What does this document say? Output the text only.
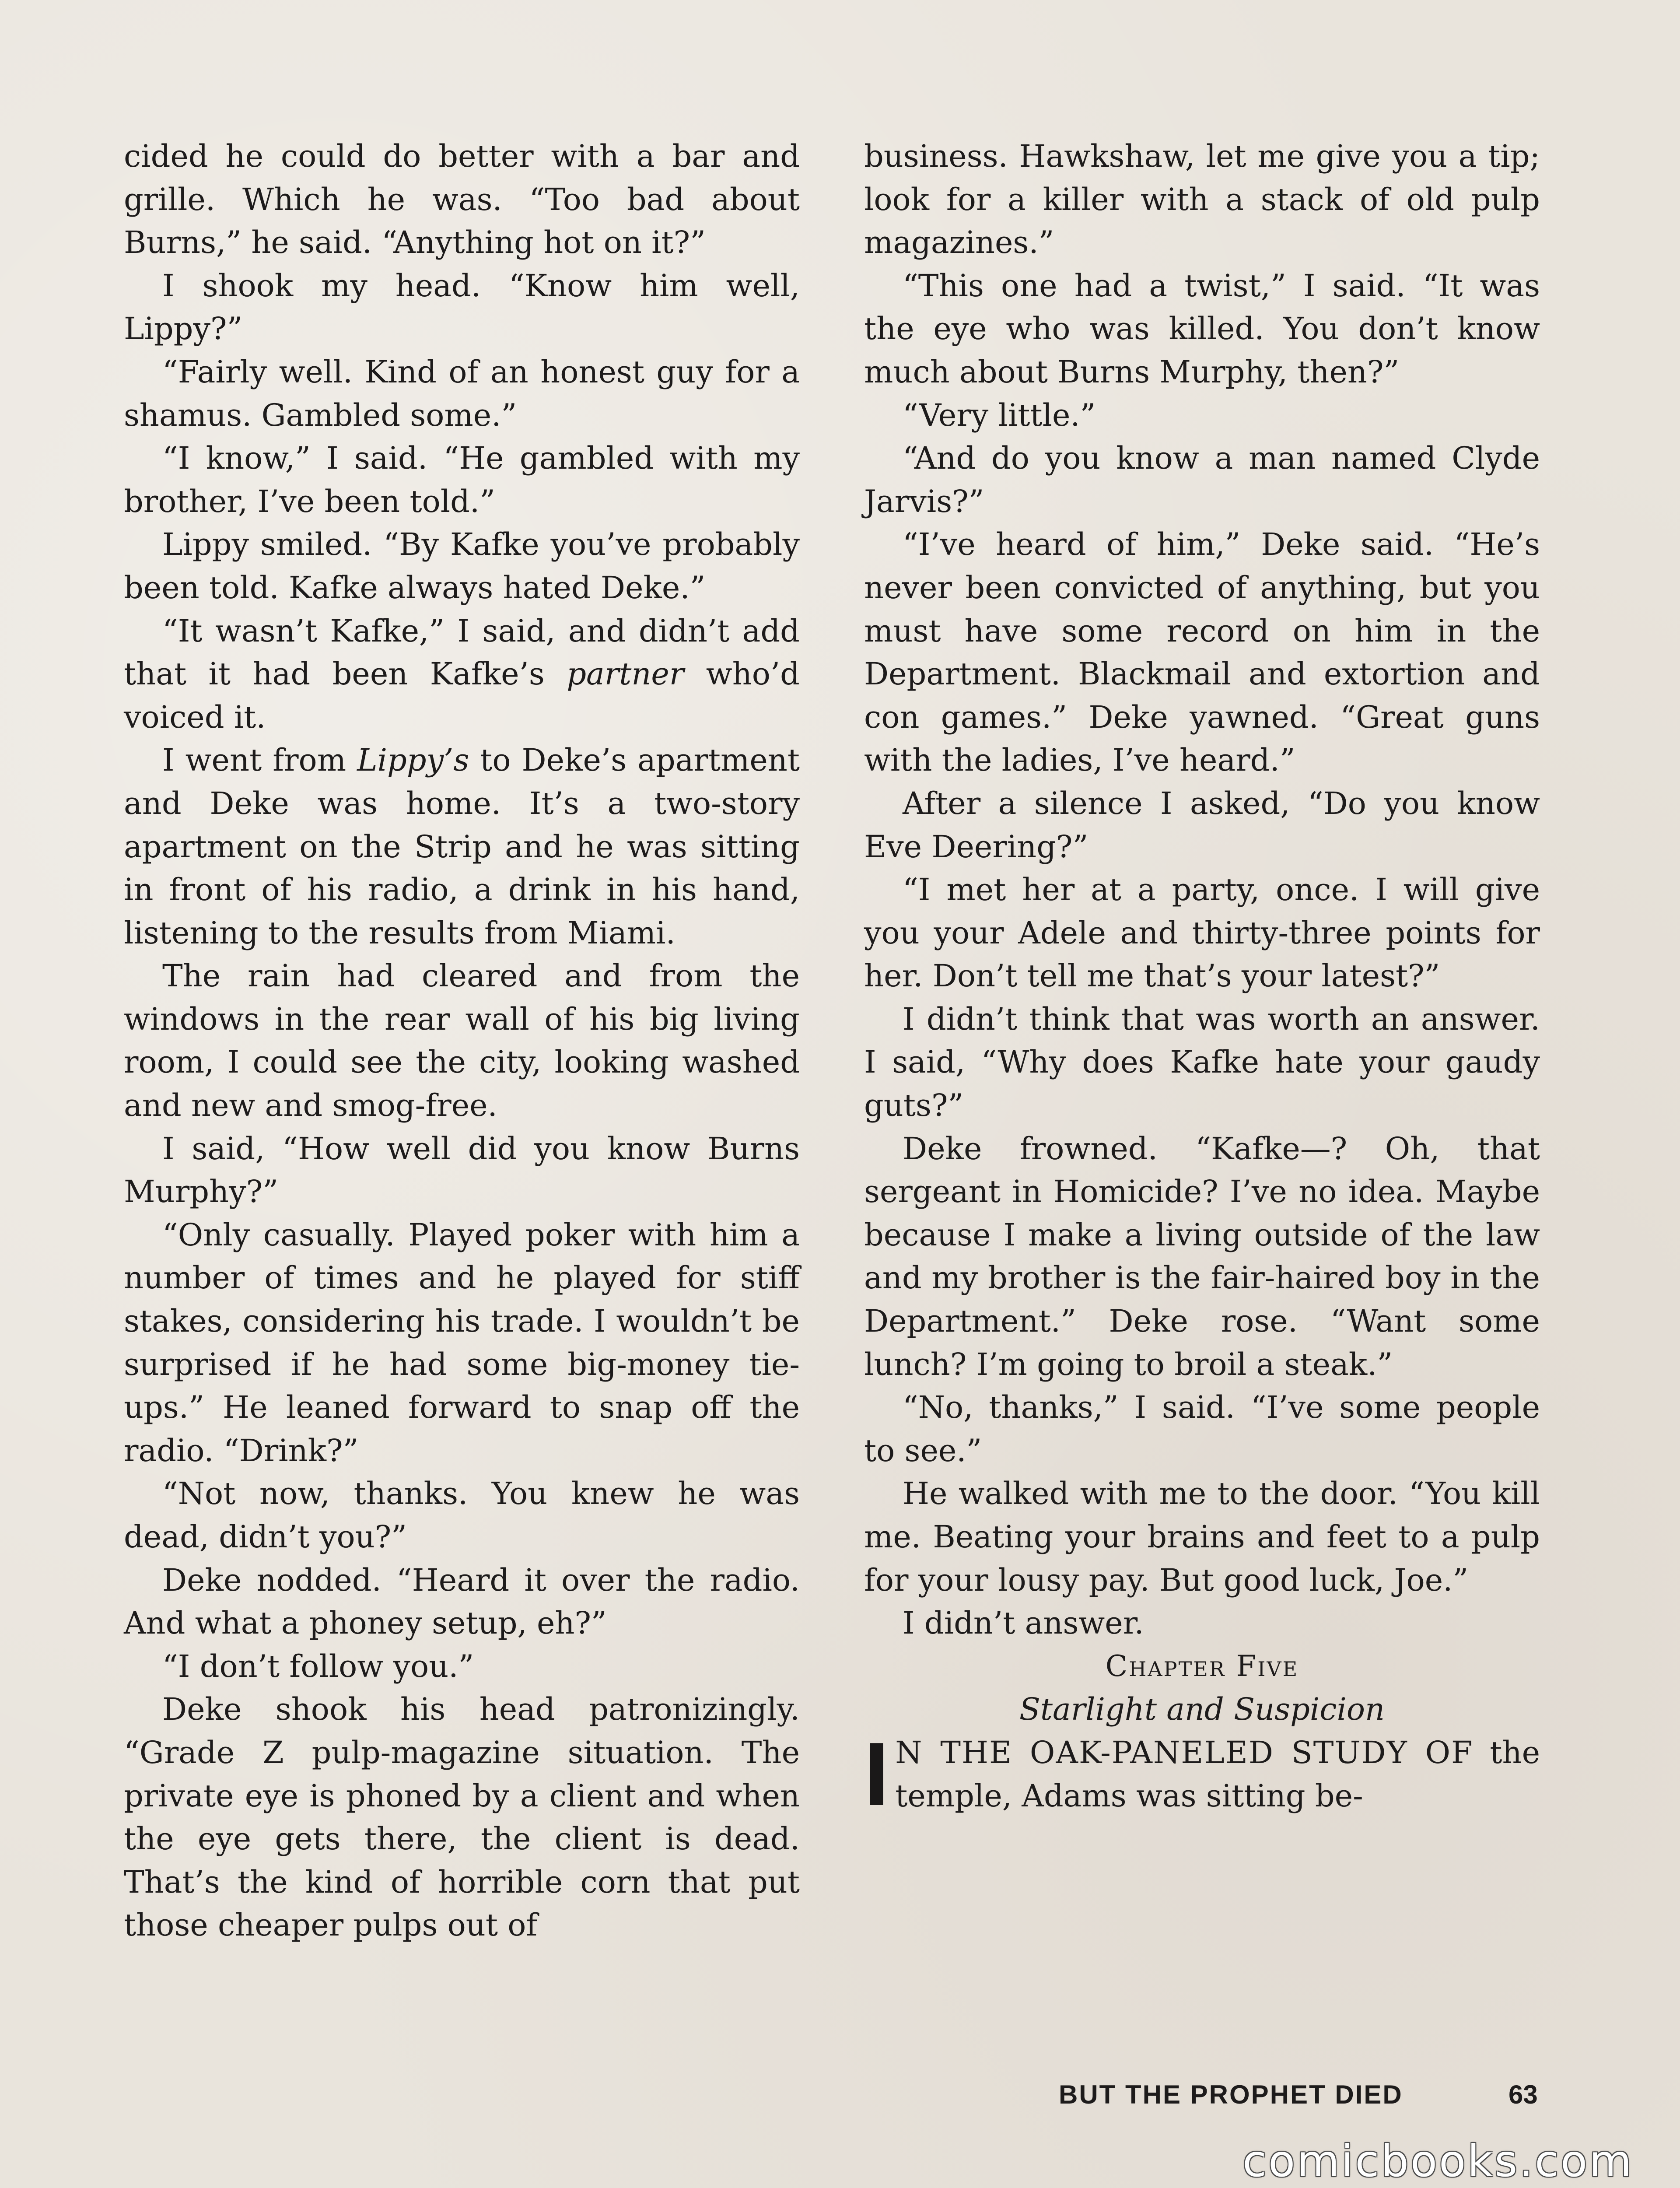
cided he could do better with a bar and grille. Which he was. “Too bad about Burns,” he said. “Anything hot on it?”

I shook my head. “Know him well, Lippy?”

“Fairly well. Kind of an honest guy for a shamus. Gambled some.”

“I know,” I said. “He gambled with my brother, I’ve been told.”

Lippy smiled. “By Kafke you’ve probably been told. Kafke always hated Deke.”

“It wasn’t Kafke,” I said, and didn’t add that it had been Kafke’s partner who’d voiced it.

I went from Lippy’s to Deke’s apartment and Deke was home. It’s a two-story apartment on the Strip and he was sitting in front of his radio, a drink in his hand, listening to the results from Miami.

The rain had cleared and from the windows in the rear wall of his big living room, I could see the city, looking washed and new and smog-free.

I said, “How well did you know Burns Murphy?”

“Only casually. Played poker with him a number of times and he played for stiff stakes, considering his trade. I wouldn’t be surprised if he had some big-money tie-ups.” He leaned forward to snap off the radio. “Drink?”

“Not now, thanks. You knew he was dead, didn’t you?”

Deke nodded. “Heard it over the radio. And what a phoney setup, eh?”

“I don’t follow you.”

Deke shook his head patronizingly. “Grade Z pulp-magazine situation. The private eye is phoned by a client and when the eye gets there, the client is dead. That’s the kind of horrible corn that put those cheaper pulps out of

business. Hawkshaw, let me give you a tip; look for a killer with a stack of old pulp magazines.”

“This one had a twist,” I said. “It was the eye who was killed. You don’t know much about Burns Murphy, then?”

“Very little.”

“And do you know a man named Clyde Jarvis?”

“I’ve heard of him,” Deke said. “He’s never been convicted of anything, but you must have some record on him in the Department. Blackmail and extortion and con games.” Deke yawned. “Great guns with the ladies, I’ve heard.”

After a silence I asked, “Do you know Eve Deering?”

“I met her at a party, once. I will give you your Adele and thirty-three points for her. Don’t tell me that’s your latest?”

I didn’t think that was worth an answer. I said, “Why does Kafke hate your gaudy guts?”

Deke frowned. “Kafke—? Oh, that sergeant in Homicide? I’ve no idea. Maybe because I make a living outside of the law and my brother is the fair-haired boy in the Department.” Deke rose. “Want some lunch? I’m going to broil a steak.”

“No, thanks,” I said. “I’ve some people to see.”

He walked with me to the door. “You kill me. Beating your brains and feet to a pulp for your lousy pay. But good luck, Joe.”

I didn’t answer.

Chapter Five

Starlight and Suspicion

I N THE OAK-PANELED STUDY OF the temple, Adams was sitting be-

BUT THE PROPHET DIED	63
comicbooks.com
